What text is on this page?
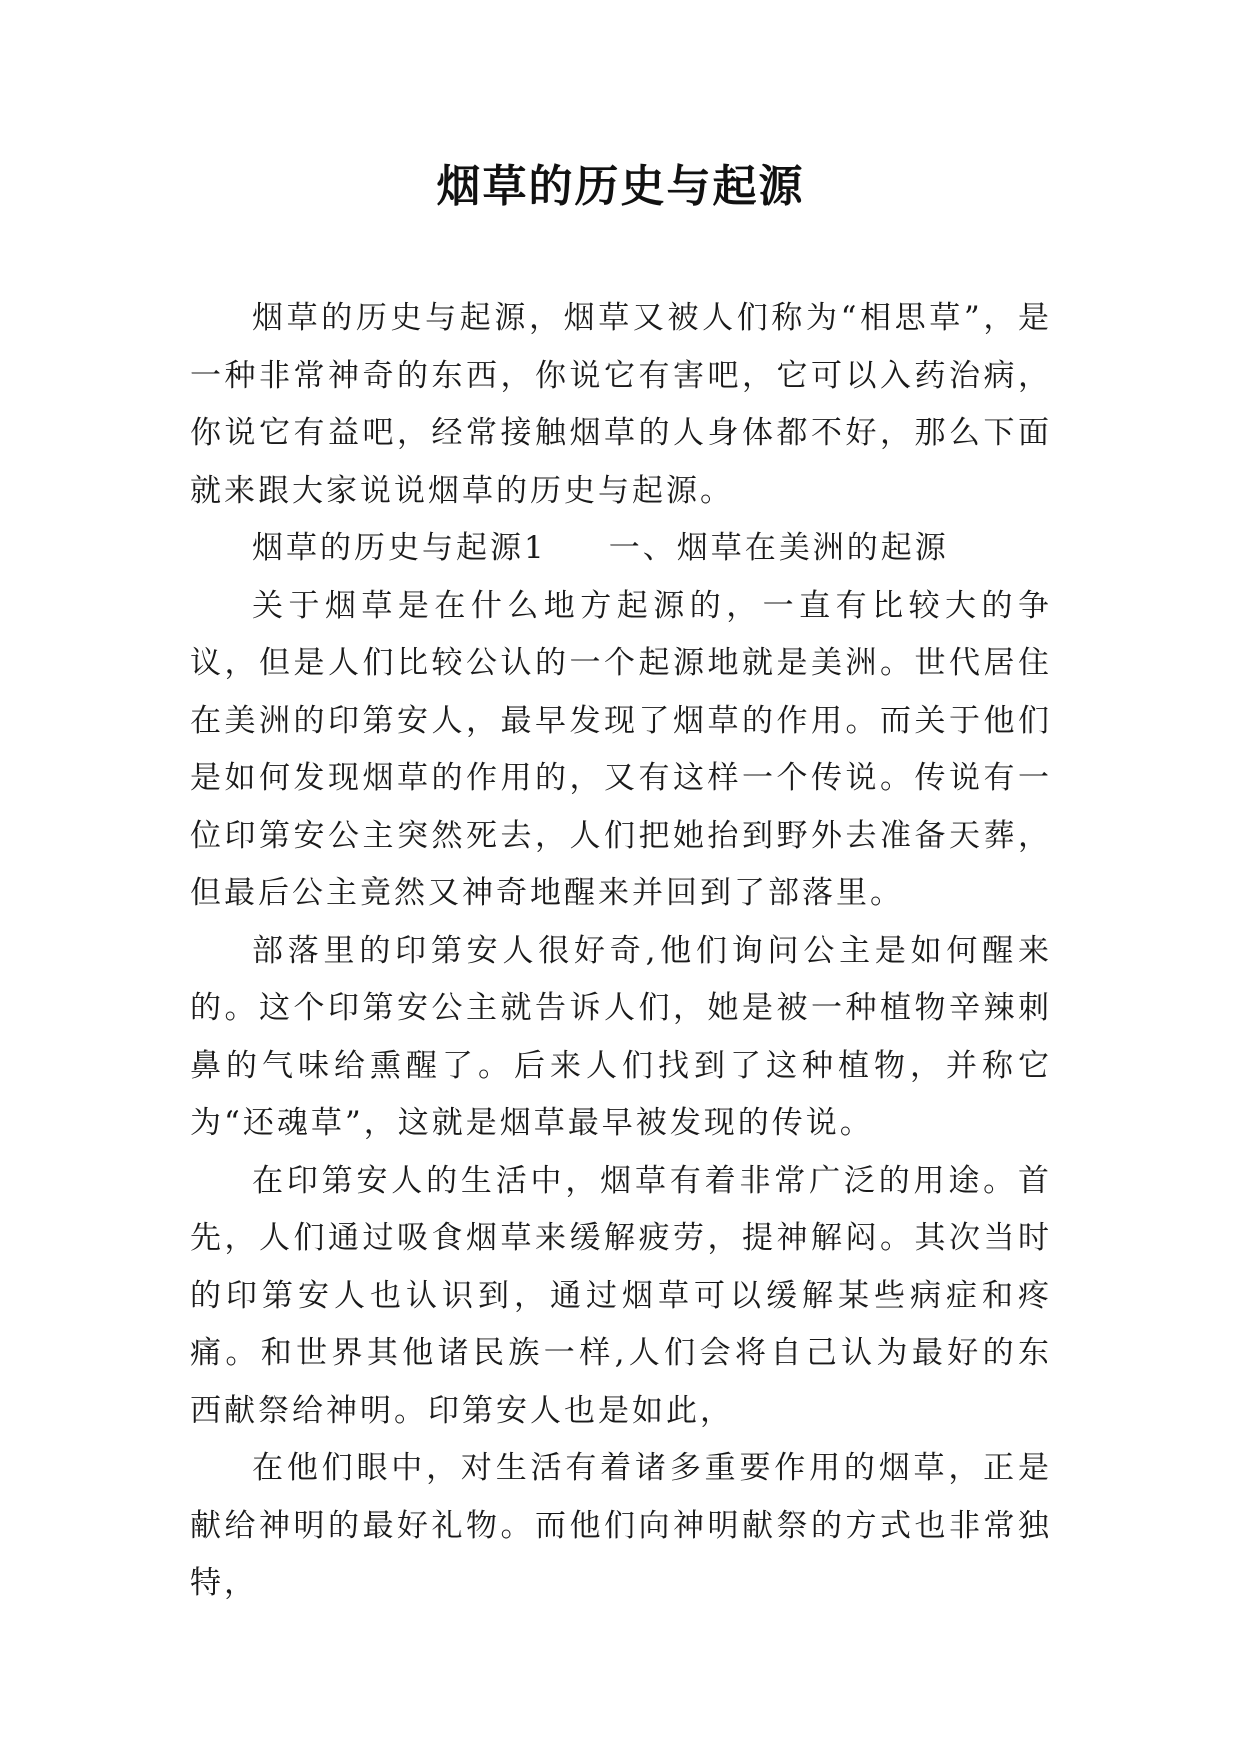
烟草的历史与起源

烟草的历史与起源，烟草又被人们称为“相思草”，是一种非常神奇的东西，你说它有害吧，它可以入药治病，你说它有益吧，经常接触烟草的人身体都不好，那么下面就来跟大家说说烟草的历史与起源。

烟草的历史与起源1 一、烟草在美洲的起源

关于烟草是在什么地方起源的，一直有比较大的争议，但是人们比较公认的一个起源地就是美洲。世代居住在美洲的印第安人，最早发现了烟草的作用。而关于他们是如何发现烟草的作用的，又有这样一个传说。传说有一位印第安公主突然死去，人们把她抬到野外去准备天葬，但最后公主竟然又神奇地醒来并回到了部落里。

部落里的印第安人很好奇,他们询问公主是如何醒来的。这个印第安公主就告诉人们，她是被一种植物辛辣刺鼻的气味给熏醒了。后来人们找到了这种植物，并称它为“还魂草”，这就是烟草最早被发现的传说。

在印第安人的生活中，烟草有着非常广泛的用途。首先，人们通过吸食烟草来缓解疲劳，提神解闷。其次当时的印第安人也认识到，通过烟草可以缓解某些病症和疼痛。和世界其他诸民族一样,人们会将自己认为最好的东西献祭给神明。印第安人也是如此，

在他们眼中，对生活有着诸多重要作用的烟草，正是献给神明的最好礼物。而他们向神明献祭的方式也非常独特，
